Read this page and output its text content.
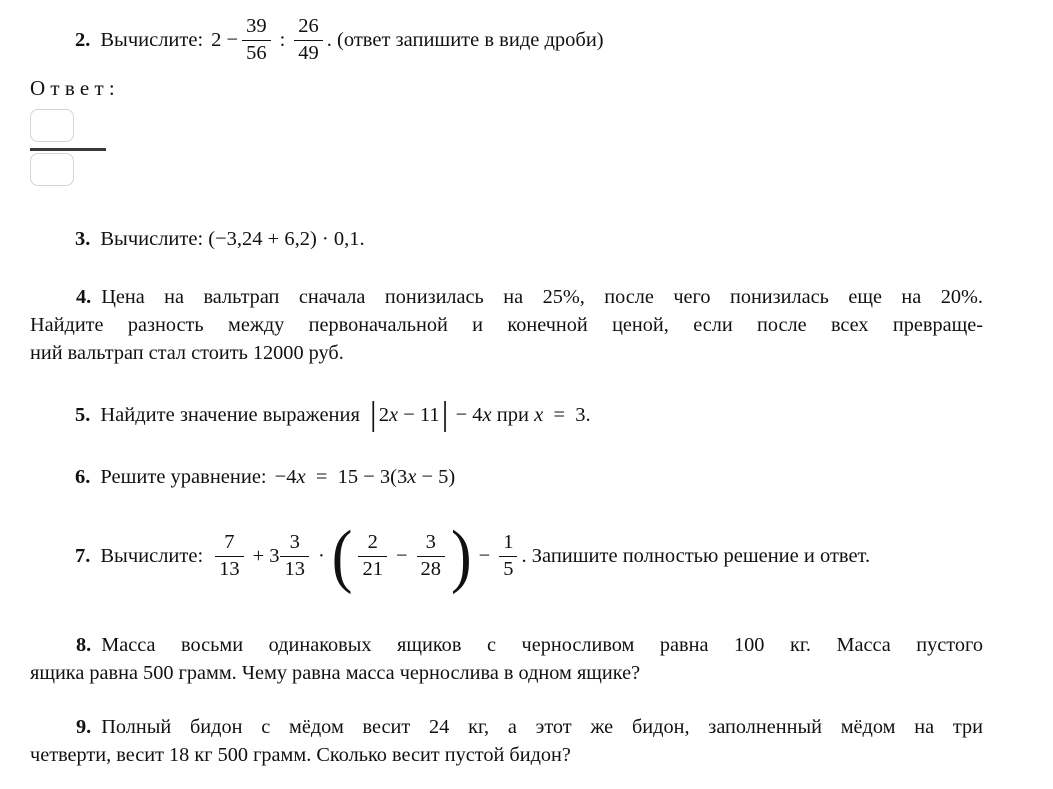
2. Вычислите: $2 - \frac{39}{56}$ : $\frac{26}{49}$ . (ответ запишите в виде дроби)
Ответ:
3. Вычислите: (−3,24 + 6,2) · 0,1.
4. Цена на вальтрап сначала понизилась на 25%, после чего понизилась еще на 20%.
Найдите разность между первоначальной и конечной ценой, если после всех превраще-
ний вальтрап стал стоить 12000 руб.
5. Найдите значение выражения | 2 x − 11 | − 4 x при x =  3.
6. Решите уравнение: −4 x =  15 − 3(3 x − 5)
7. Вычислите: $\frac{7}{13} + 3 \frac{3}{13}$ · ( $\frac{2}{21} - \frac{3}{28}$ ) − $\frac{1}{5}$ . Запишите полностью решение и ответ.
8. Масса восьми одинаковых ящиков с черносливом равна 100 кг. Масса пустого
ящика равна 500 грамм. Чему равна масса чернослива в одном ящике?
9. Полный бидон с мёдом весит 24 кг, а этот же бидон, заполненный мёдом на три
четверти, весит 18 кг 500 грамм. Сколько весит пустой бидон?
